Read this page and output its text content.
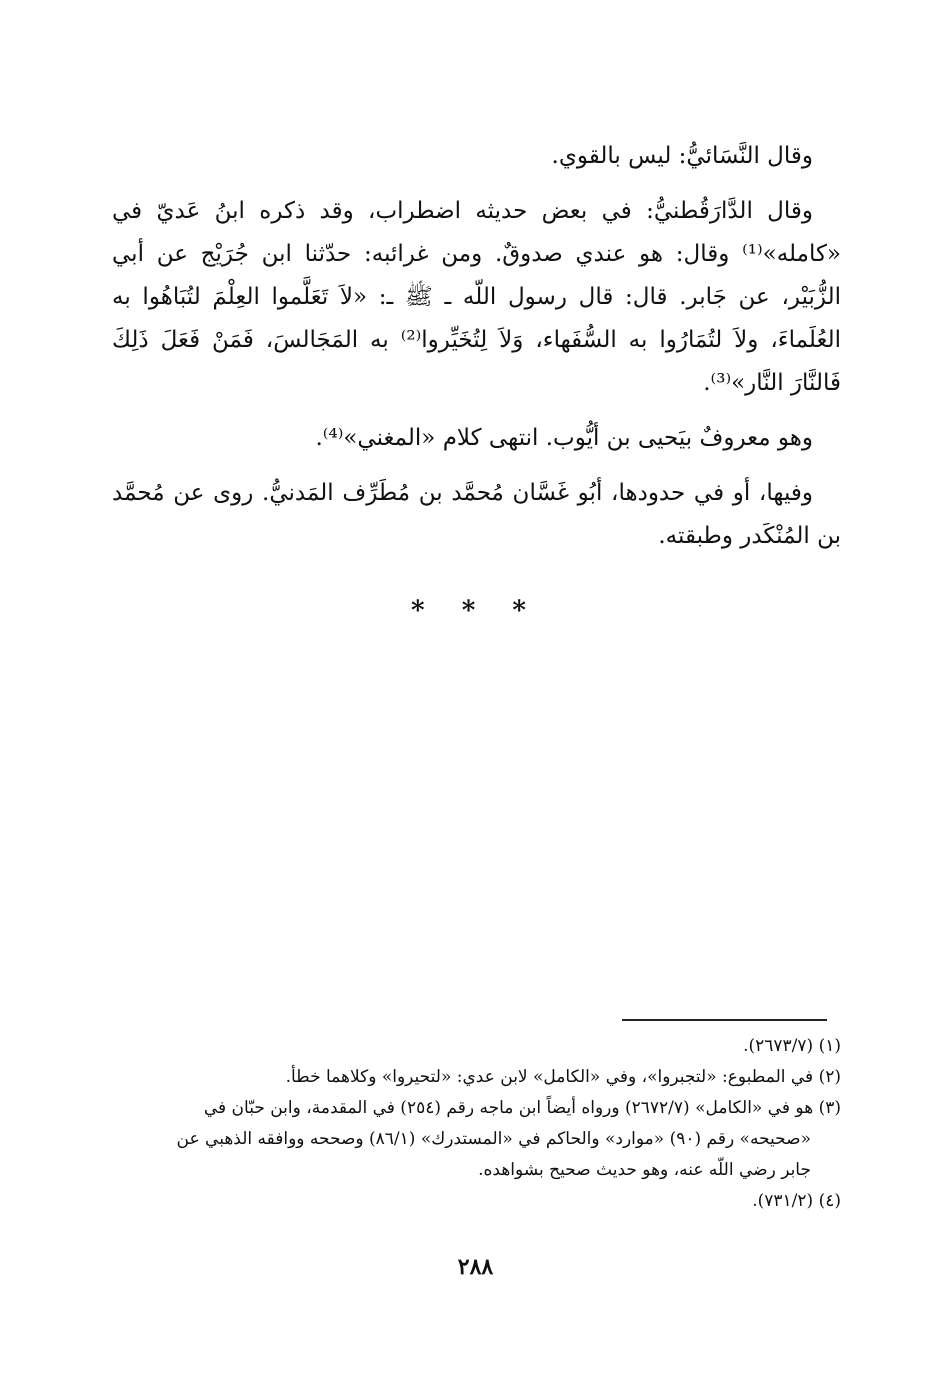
وقال النَّسَائيُّ: ليس بالقوي.

وقال الدَّارَقُطنيُّ: في بعض حديثه اضطراب، وقد ذكره ابنُ عَديّ في «كامله»⁽¹⁾ وقال: هو عندي صدوقٌ. ومن غرائبه: حدّثنا ابن جُرَيْج عن أبي الزُّبَيْر، عن جَابر. قال: قال رسول اللّه ـ ﷺ ـ: «لاَ تَعَلَّموا العِلْمَ لتُبَاهُوا به العُلَماءَ، ولاَ لتُمَارُوا به السُّفَهاء، وَلاَ لِتُخَيِّروا⁽²⁾ به المَجَالسَ، فَمَنْ فَعَلَ ذَلِكَ فَالنَّارَ النَّار»⁽³⁾.

وهو معروفٌ بيَحيى بن أيُّوب. انتهى كلام «المغني»⁽⁴⁾.

وفيها، أو في حدودها، أبُو غَسَّان مُحمَّد بن مُطَرِّف المَدنيُّ. روى عن مُحمَّد بن المُنْكَدر وطبقته.

* * *

(١) (٢٦٧٣/٧).

(٢) في المطبوع: «لتجبروا»، وفي «الكامل» لابن عدي: «لتحيروا» وكلاهما خطأ.

(٣) هو في «الكامل» (٢٦٧٢/٧) ورواه أيضاً ابن ماجه رقم (٢٥٤) في المقدمة، وابن حبّان في

«صحيحه» رقم (٩٠) «موارد» والحاكم في «المستدرك» (٨٦/١) وصححه ووافقه الذهبي عن

جابر رضي اللّه عنه، وهو حديث صحيح بشواهده.

(٤) (٧٣١/٢).

٢٨٨
